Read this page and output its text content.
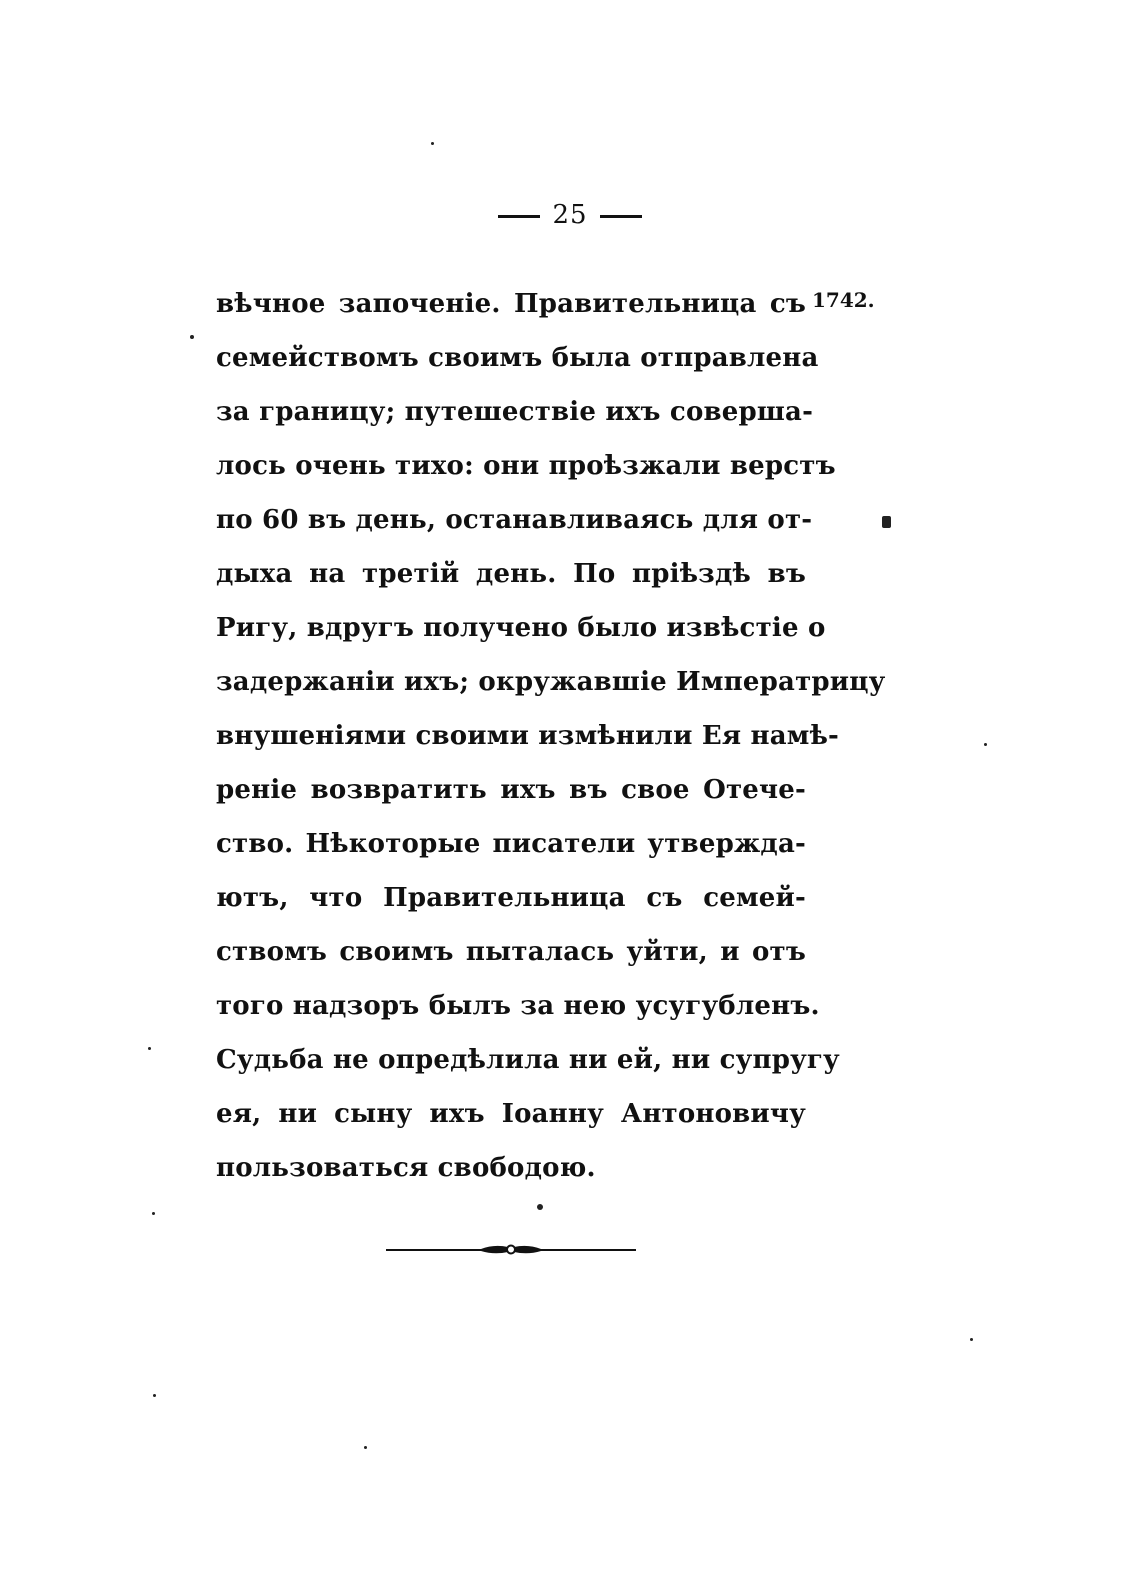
25
1742.
вѣчное започеніе. Правительница съ
семействомъ своимъ была отправлена
за границу; путешествіе ихъ соверша-
лось очень тихо: они проѣзжали верстъ
по 60 въ день, останавливаясь для от-
дыха на третій день. По пріѣздѣ въ
Ригу, вдругъ получено было извѣстіе о
задержаніи ихъ; окружавшіе Императрицу
внушеніями своими измѣнили Ея намѣ-
реніе возвратить ихъ въ свое Отече-
ство. Нѣкоторые писатели утвержда-
ютъ, что Правительница съ семей-
ствомъ своимъ пыталась уйти, и отъ
того надзоръ былъ за нею усугубленъ.
Судьба не опредѣлила ни ей, ни супругу
ея, ни сыну ихъ Іоанну Антоновичу
пользоваться свободою.
